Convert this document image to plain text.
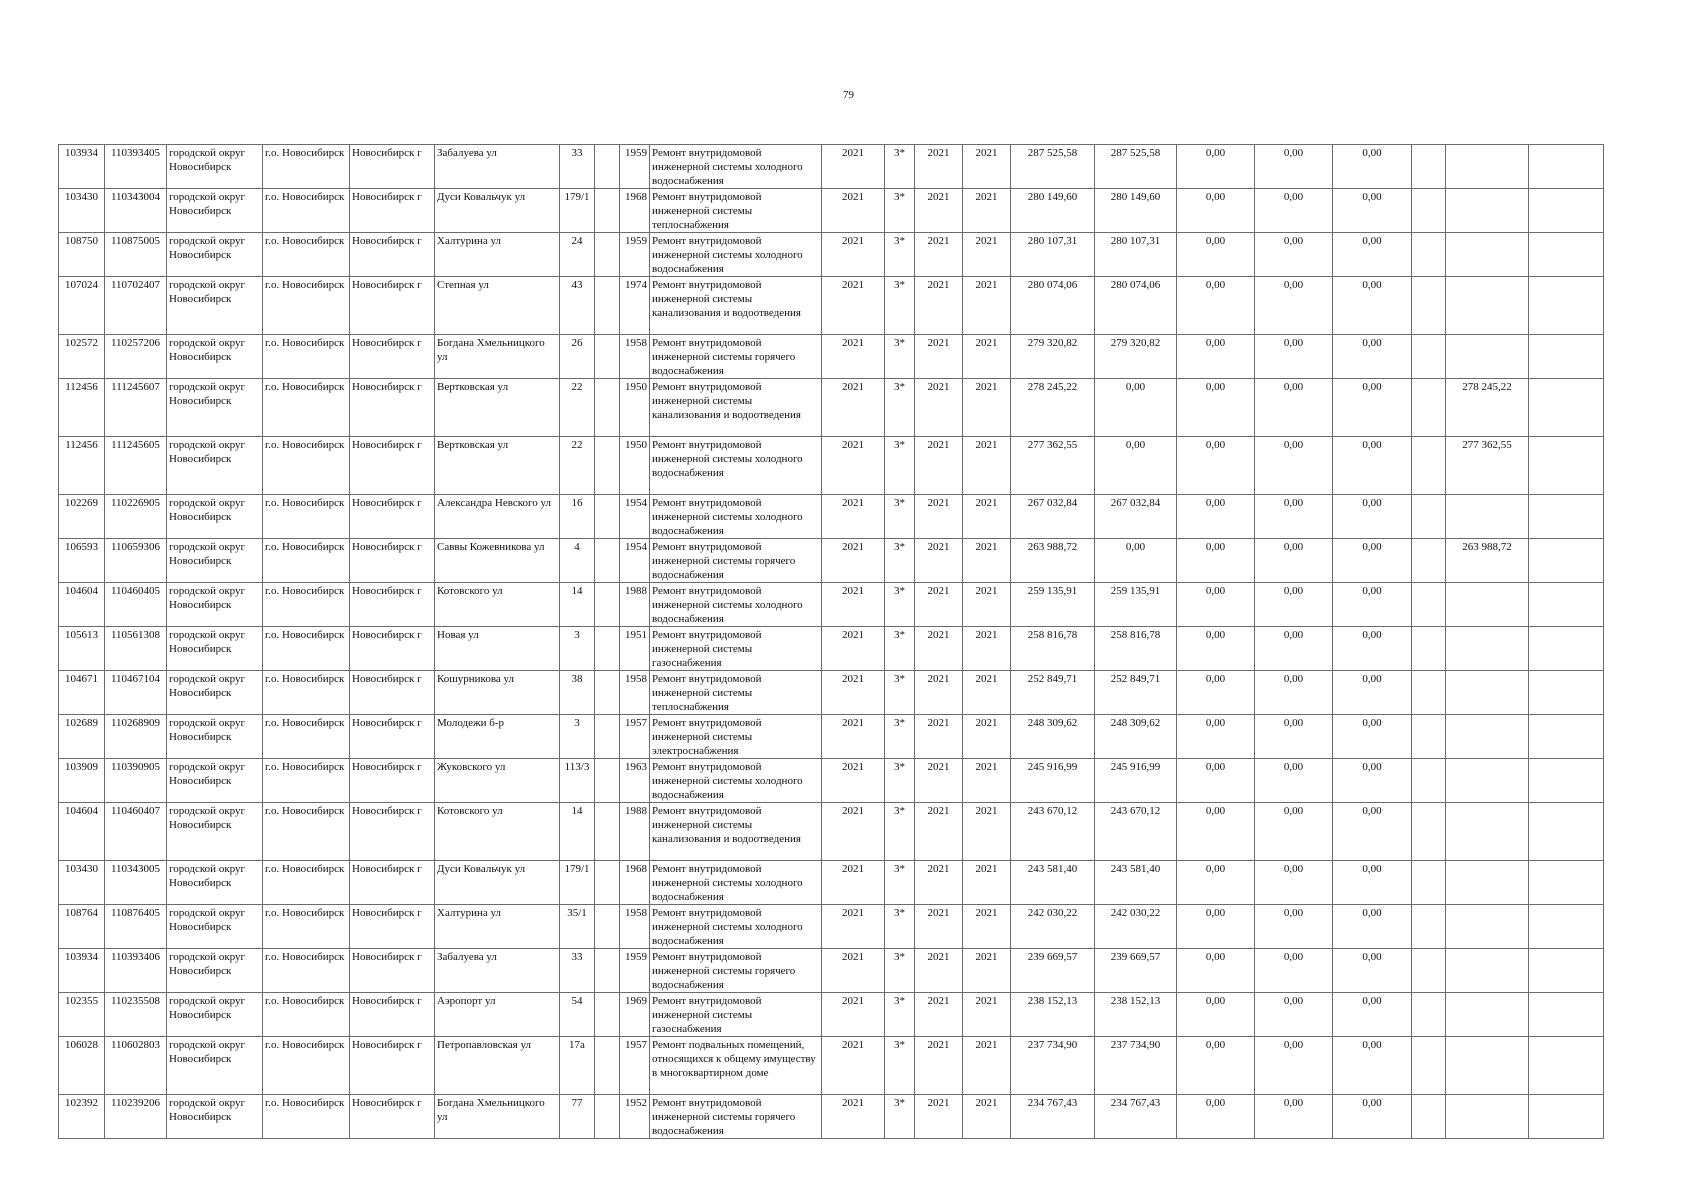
79
103934	110393405	городской округ Новосибирск	г.о. Новосибирск	Новосибирск г	Забалуева ул	33		1959	Ремонт внутридомовой инженерной системы холодного водоснабжения	2021	3*	2021	2021	287 525,58	287 525,58	0,00	0,00	0,00			
103430	110343004	городской округ Новосибирск	г.о. Новосибирск	Новосибирск г	Дуси Ковальчук ул	179/1		1968	Ремонт внутридомовой инженерной системы теплоснабжения	2021	3*	2021	2021	280 149,60	280 149,60	0,00	0,00	0,00			
108750	110875005	городской округ Новосибирск	г.о. Новосибирск	Новосибирск г	Халтурина ул	24		1959	Ремонт внутридомовой инженерной системы холодного водоснабжения	2021	3*	2021	2021	280 107,31	280 107,31	0,00	0,00	0,00			
107024	110702407	городской округ Новосибирск	г.о. Новосибирск	Новосибирск г	Степная ул	43		1974	Ремонт внутридомовой инженерной системы канализования и водоотведения	2021	3*	2021	2021	280 074,06	280 074,06	0,00	0,00	0,00			
102572	110257206	городской округ Новосибирск	г.о. Новосибирск	Новосибирск г	Богдана Хмельницкого ул	26		1958	Ремонт внутридомовой инженерной системы горячего водоснабжения	2021	3*	2021	2021	279 320,82	279 320,82	0,00	0,00	0,00			
112456	111245607	городской округ Новосибирск	г.о. Новосибирск	Новосибирск г	Вертковская ул	22		1950	Ремонт внутридомовой инженерной системы канализования и водоотведения	2021	3*	2021	2021	278 245,22	0,00	0,00	0,00	0,00		278 245,22	
112456	111245605	городской округ Новосибирск	г.о. Новосибирск	Новосибирск г	Вертковская ул	22		1950	Ремонт внутридомовой инженерной системы холодного водоснабжения	2021	3*	2021	2021	277 362,55	0,00	0,00	0,00	0,00		277 362,55	
102269	110226905	городской округ Новосибирск	г.о. Новосибирск	Новосибирск г	Александра Невского ул	16		1954	Ремонт внутридомовой инженерной системы холодного водоснабжения	2021	3*	2021	2021	267 032,84	267 032,84	0,00	0,00	0,00			
106593	110659306	городской округ Новосибирск	г.о. Новосибирск	Новосибирск г	Саввы Кожевникова ул	4		1954	Ремонт внутридомовой инженерной системы горячего водоснабжения	2021	3*	2021	2021	263 988,72	0,00	0,00	0,00	0,00		263 988,72	
104604	110460405	городской округ Новосибирск	г.о. Новосибирск	Новосибирск г	Котовского ул	14		1988	Ремонт внутридомовой инженерной системы холодного водоснабжения	2021	3*	2021	2021	259 135,91	259 135,91	0,00	0,00	0,00			
105613	110561308	городской округ Новосибирск	г.о. Новосибирск	Новосибирск г	Новая ул	3		1951	Ремонт внутридомовой инженерной системы газоснабжения	2021	3*	2021	2021	258 816,78	258 816,78	0,00	0,00	0,00			
104671	110467104	городской округ Новосибирск	г.о. Новосибирск	Новосибирск г	Кошурникова ул	38		1958	Ремонт внутридомовой инженерной системы теплоснабжения	2021	3*	2021	2021	252 849,71	252 849,71	0,00	0,00	0,00			
102689	110268909	городской округ Новосибирск	г.о. Новосибирск	Новосибирск г	Молодежи б-р	3		1957	Ремонт внутридомовой инженерной системы электроснабжения	2021	3*	2021	2021	248 309,62	248 309,62	0,00	0,00	0,00			
103909	110390905	городской округ Новосибирск	г.о. Новосибирск	Новосибирск г	Жуковского ул	113/3		1963	Ремонт внутридомовой инженерной системы холодного водоснабжения	2021	3*	2021	2021	245 916,99	245 916,99	0,00	0,00	0,00			
104604	110460407	городской округ Новосибирск	г.о. Новосибирск	Новосибирск г	Котовского ул	14		1988	Ремонт внутридомовой инженерной системы канализования и водоотведения	2021	3*	2021	2021	243 670,12	243 670,12	0,00	0,00	0,00			
103430	110343005	городской округ Новосибирск	г.о. Новосибирск	Новосибирск г	Дуси Ковальчук ул	179/1		1968	Ремонт внутридомовой инженерной системы холодного водоснабжения	2021	3*	2021	2021	243 581,40	243 581,40	0,00	0,00	0,00			
108764	110876405	городской округ Новосибирск	г.о. Новосибирск	Новосибирск г	Халтурина ул	35/1		1958	Ремонт внутридомовой инженерной системы холодного водоснабжения	2021	3*	2021	2021	242 030,22	242 030,22	0,00	0,00	0,00			
103934	110393406	городской округ Новосибирск	г.о. Новосибирск	Новосибирск г	Забалуева ул	33		1959	Ремонт внутридомовой инженерной системы горячего водоснабжения	2021	3*	2021	2021	239 669,57	239 669,57	0,00	0,00	0,00			
102355	110235508	городской округ Новосибирск	г.о. Новосибирск	Новосибирск г	Аэропорт ул	54		1969	Ремонт внутридомовой инженерной системы газоснабжения	2021	3*	2021	2021	238 152,13	238 152,13	0,00	0,00	0,00			
106028	110602803	городской округ Новосибирск	г.о. Новосибирск	Новосибирск г	Петропавловская ул	17а		1957	Ремонт подвальных помещений, относящихся к общему имуществу в многоквартирном доме	2021	3*	2021	2021	237 734,90	237 734,90	0,00	0,00	0,00			
102392	110239206	городской округ Новосибирск	г.о. Новосибирск	Новосибирск г	Богдана Хмельницкого ул	77		1952	Ремонт внутридомовой инженерной системы горячего водоснабжения	2021	3*	2021	2021	234 767,43	234 767,43	0,00	0,00	0,00			
